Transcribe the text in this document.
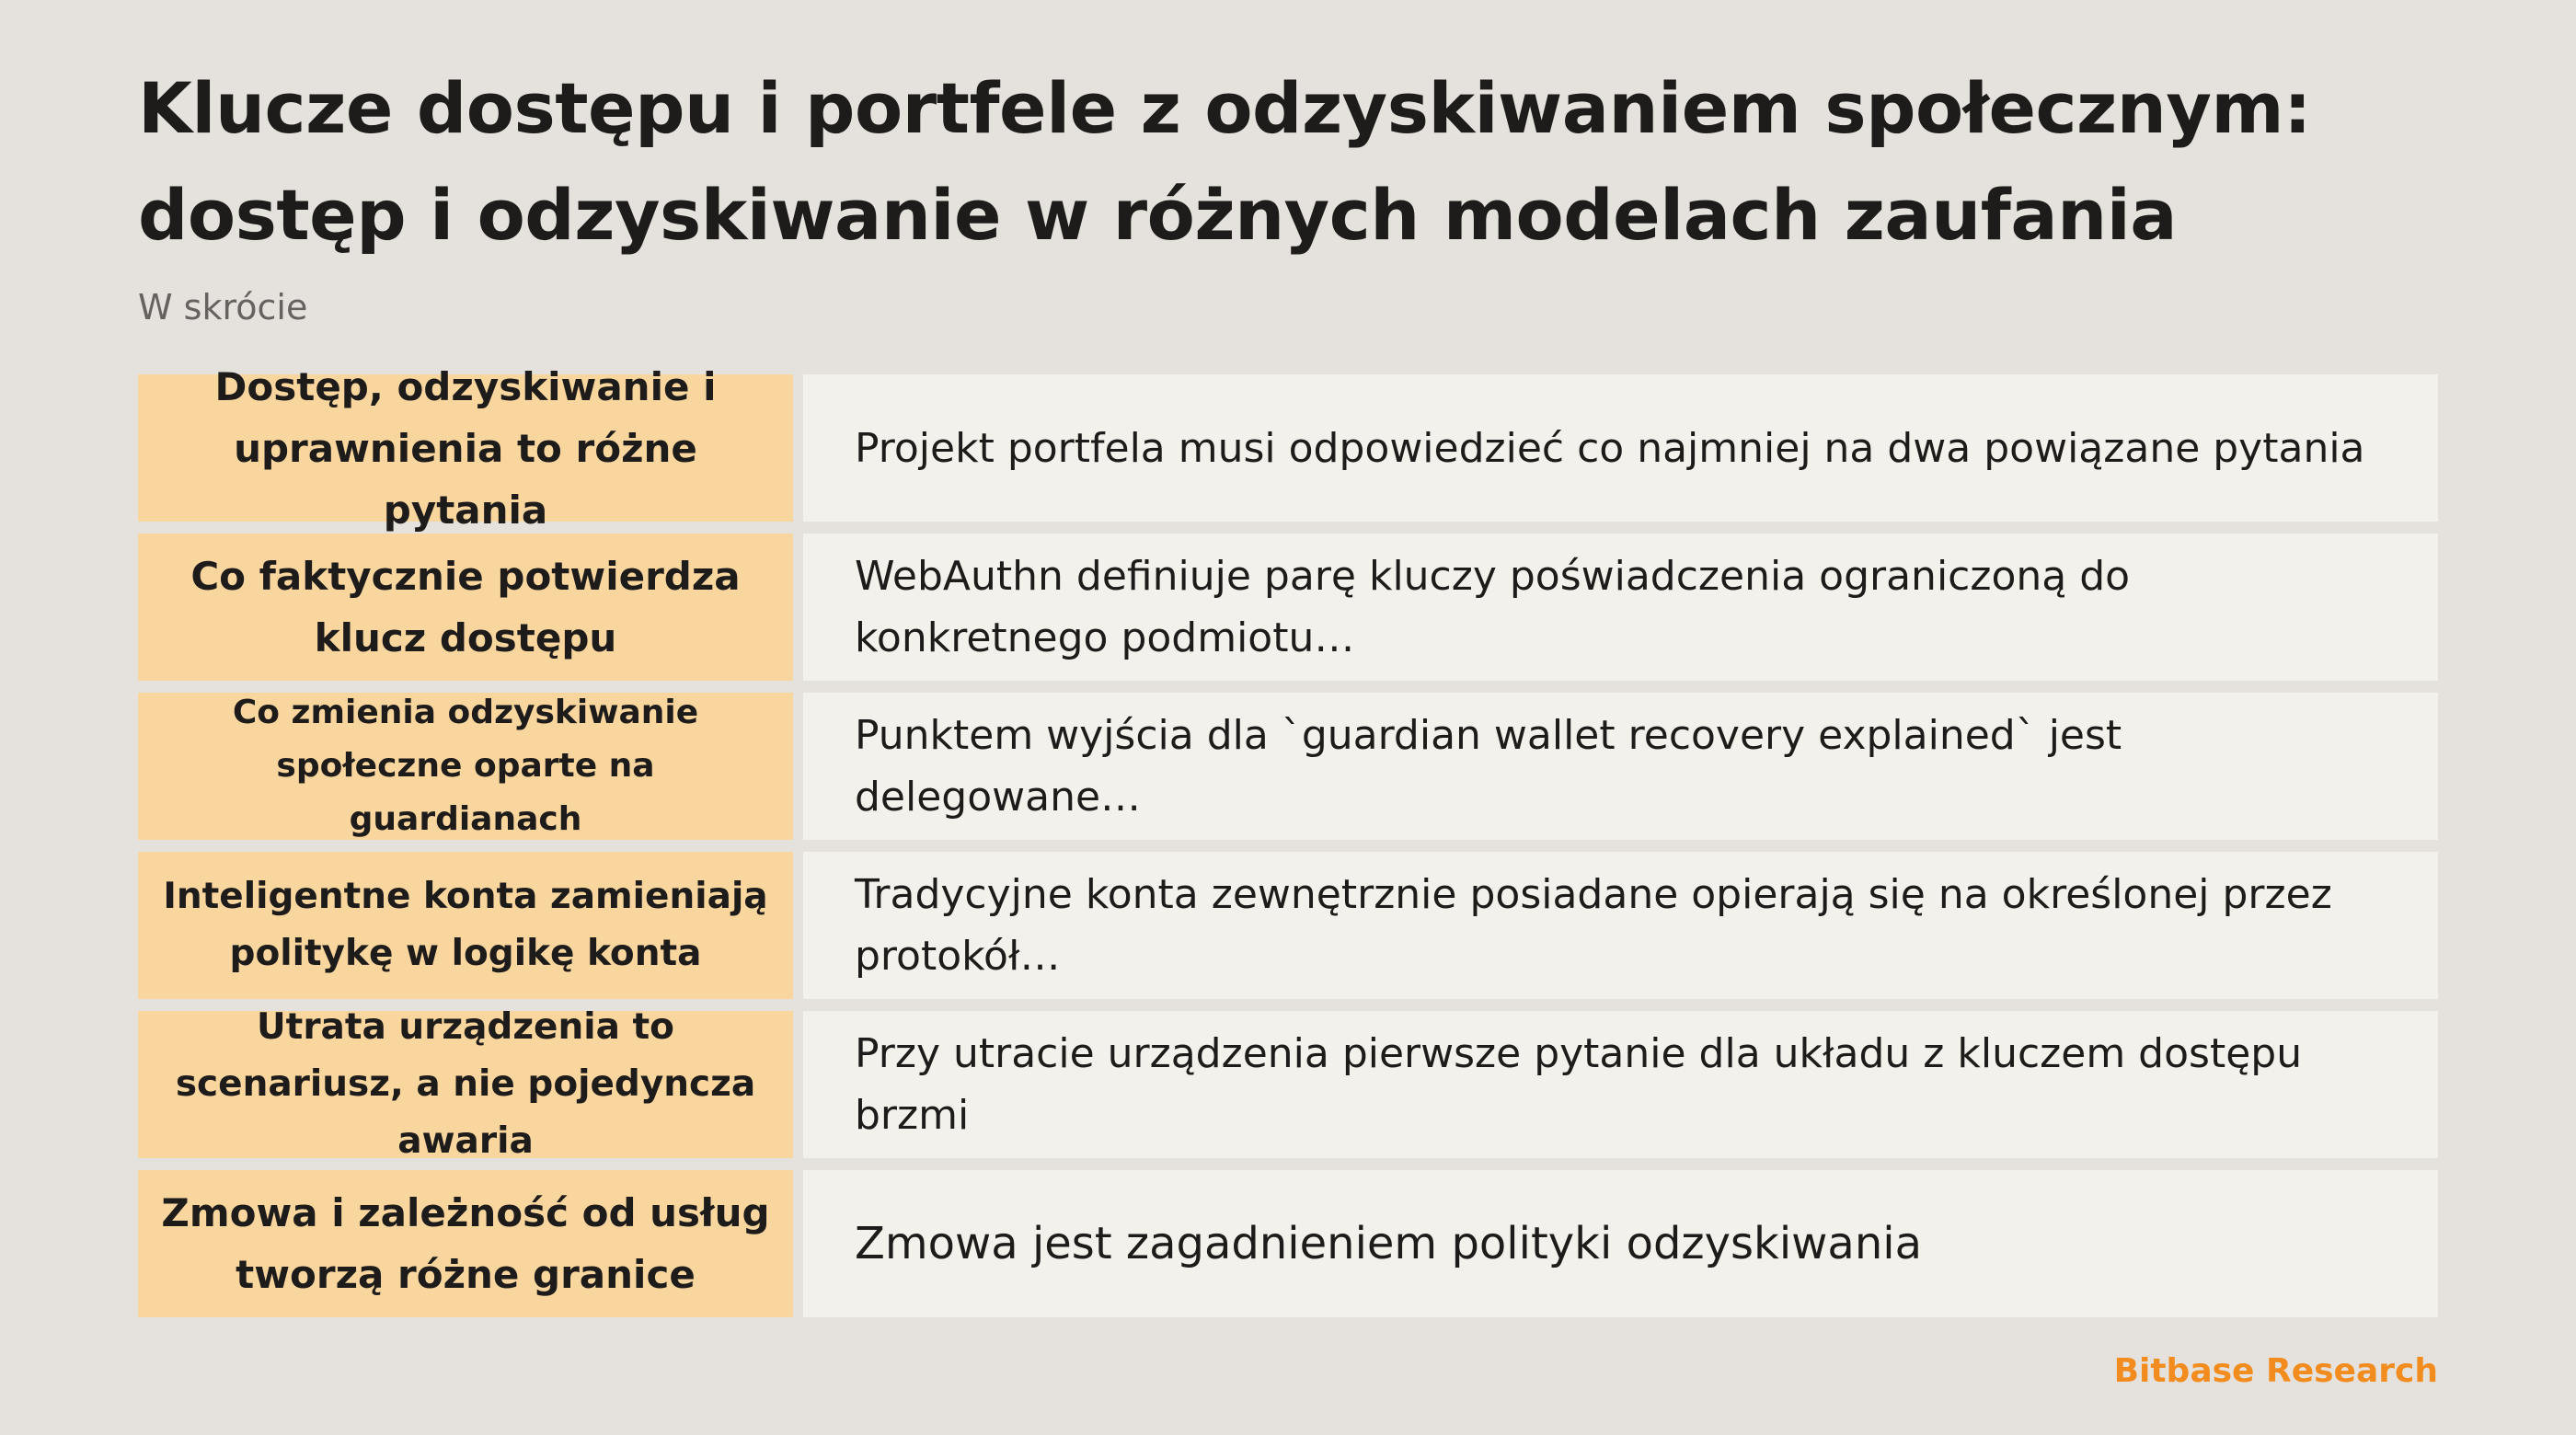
Klucze dostępu i portfele z odzyskiwaniem społecznym: dostęp i odzyskiwanie w różnych modelach zaufania
W skrócie
Dostęp, odzyskiwanie i uprawnienia to różne pytania
Projekt portfela musi odpowiedzieć co najmniej na dwa powiązane pytania
Co faktycznie potwierdza klucz dostępu
WebAuthn definiuje parę kluczy poświadczenia ograniczoną do konkretnego podmiotu…
Co zmienia odzyskiwanie społeczne oparte na guardianach
Punktem wyjścia dla `guardian wallet recovery explained` jest delegowane…
Inteligentne konta zamieniają politykę w logikę konta
Tradycyjne konta zewnętrznie posiadane opierają się na określonej przez protokół…
Utrata urządzenia to scenariusz, a nie pojedyncza awaria
Przy utracie urządzenia pierwsze pytanie dla układu z kluczem dostępu brzmi
Zmowa i zależność od usług tworzą różne granice
Zmowa jest zagadnieniem polityki odzyskiwania
Bitbase Research
